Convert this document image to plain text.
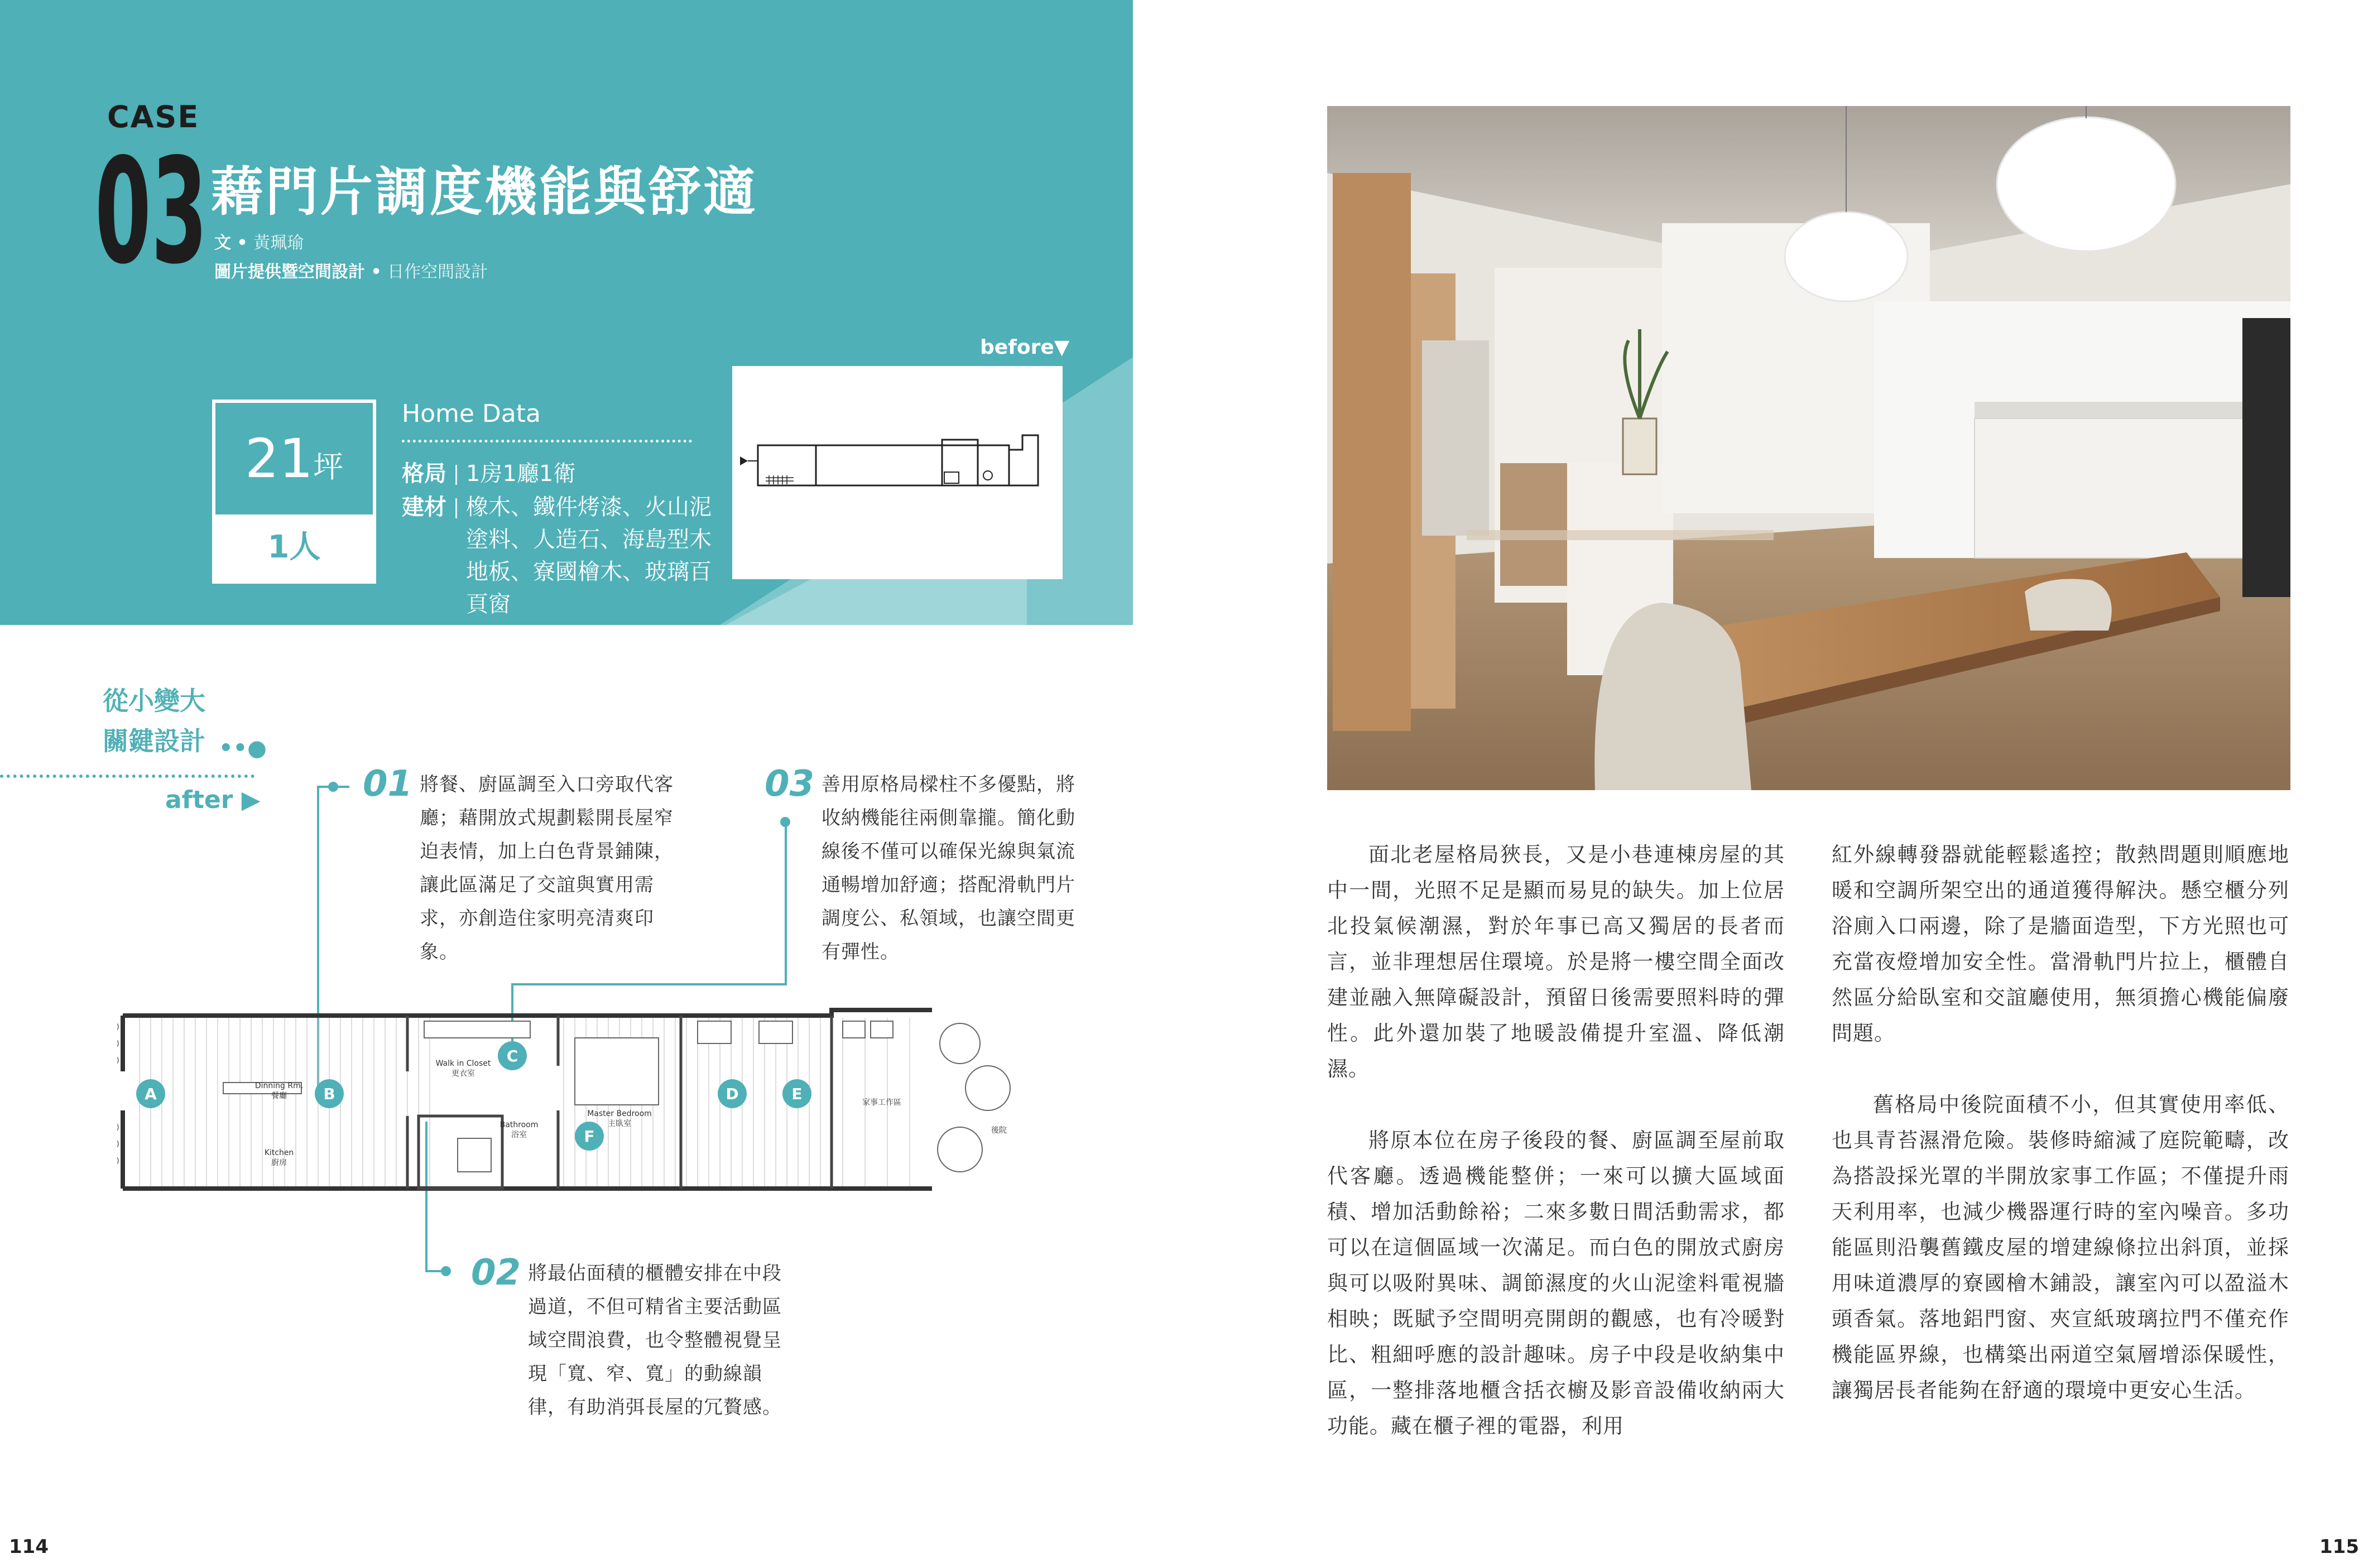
CASE
03 藉門片調度機能與舒適
文 • 黃珮瑜
圖片提供暨空間設計 • 日作空間設計
before▼
21坪
1人
Home Data
格局 1房1廳1衛
建材 橡木、鐵件烤漆、火山泥塗料、人造石、海島型木地板、寮國檜木、玻璃百頁窗
從小變大
關鍵設計 ••●
after ▶	01 將餐、廚區調至入口旁取代客廳；藉開放式規劃鬆開長屋窄迫表情，加上白色背景鋪陳，讓此區滿足了交誼與實用需求，亦創造住家明亮清爽印象。
02 將最佔面積的櫃體安排在中段過道，不但可精省主要活動區域空間浪費，也令整體視覺呈現「寬、窄、寬」的動線韻律，有助消弭長屋的冗贅感。
03 善用原格局樑柱不多優點，將收納機能往兩側靠攏。簡化動線後不僅可以確保光線與氣流通暢增加舒適；搭配滑軌門片調度公、私領域，也讓空間更有彈性。
Dinning Rm.
餐廳
Kitchen
廚房
Walk in Closet
更衣室
Bathroom
浴室
Master Bedroom
主臥室
家事工作區
後院
A	B
C
D	E
F
114

面北老屋格局狹長，又是小巷連棟房屋的其中一間，光照不足是顯而易見的缺失。加上位居北投氣候潮濕，對於年事已高又獨居的長者而言，並非理想居住環境。於是將一樓空間全面改建並融入無障礙設計，預留日後需要照料時的彈性。此外還加裝了地暖設備提升室溫、降低潮濕。

將原本位在房子後段的餐、廚區調至屋前取代客廳。透過機能整併；一來可以擴大區域面積、增加活動餘裕；二來多數日間活動需求，都可以在這個區域一次滿足。而白色的開放式廚房與可以吸附異味、調節濕度的火山泥塗料電視牆相映；既賦予空間明亮開朗的觀感，也有冷暖對比、粗細呼應的設計趣味。房子中段是收納集中區，一整排落地櫃含括衣櫥及影音設備收納兩大功能。藏在櫃子裡的電器，利用

紅外線轉發器就能輕鬆遙控；散熱問題則順應地暖和空調所架空出的通道獲得解決。懸空櫃分列浴廁入口兩邊，除了是牆面造型，下方光照也可充當夜燈增加安全性。當滑軌門片拉上，櫃體自然區分給臥室和交誼廳使用，無須擔心機能偏廢問題。

舊格局中後院面積不小，但其實使用率低、也具青苔濕滑危險。裝修時縮減了庭院範疇，改為搭設採光罩的半開放家事工作區；不僅提升雨天利用率，也減少機器運行時的室內噪音。多功能區則沿襲舊鐵皮屋的增建線條拉出斜頂，並採用味道濃厚的寮國檜木鋪設，讓室內可以盈溢木頭香氣。落地鋁門窗、夾宣紙玻璃拉門不僅充作機能區界線，也構築出兩道空氣層增添保暖性，讓獨居長者能夠在舒適的環境中更安心生活。

115
